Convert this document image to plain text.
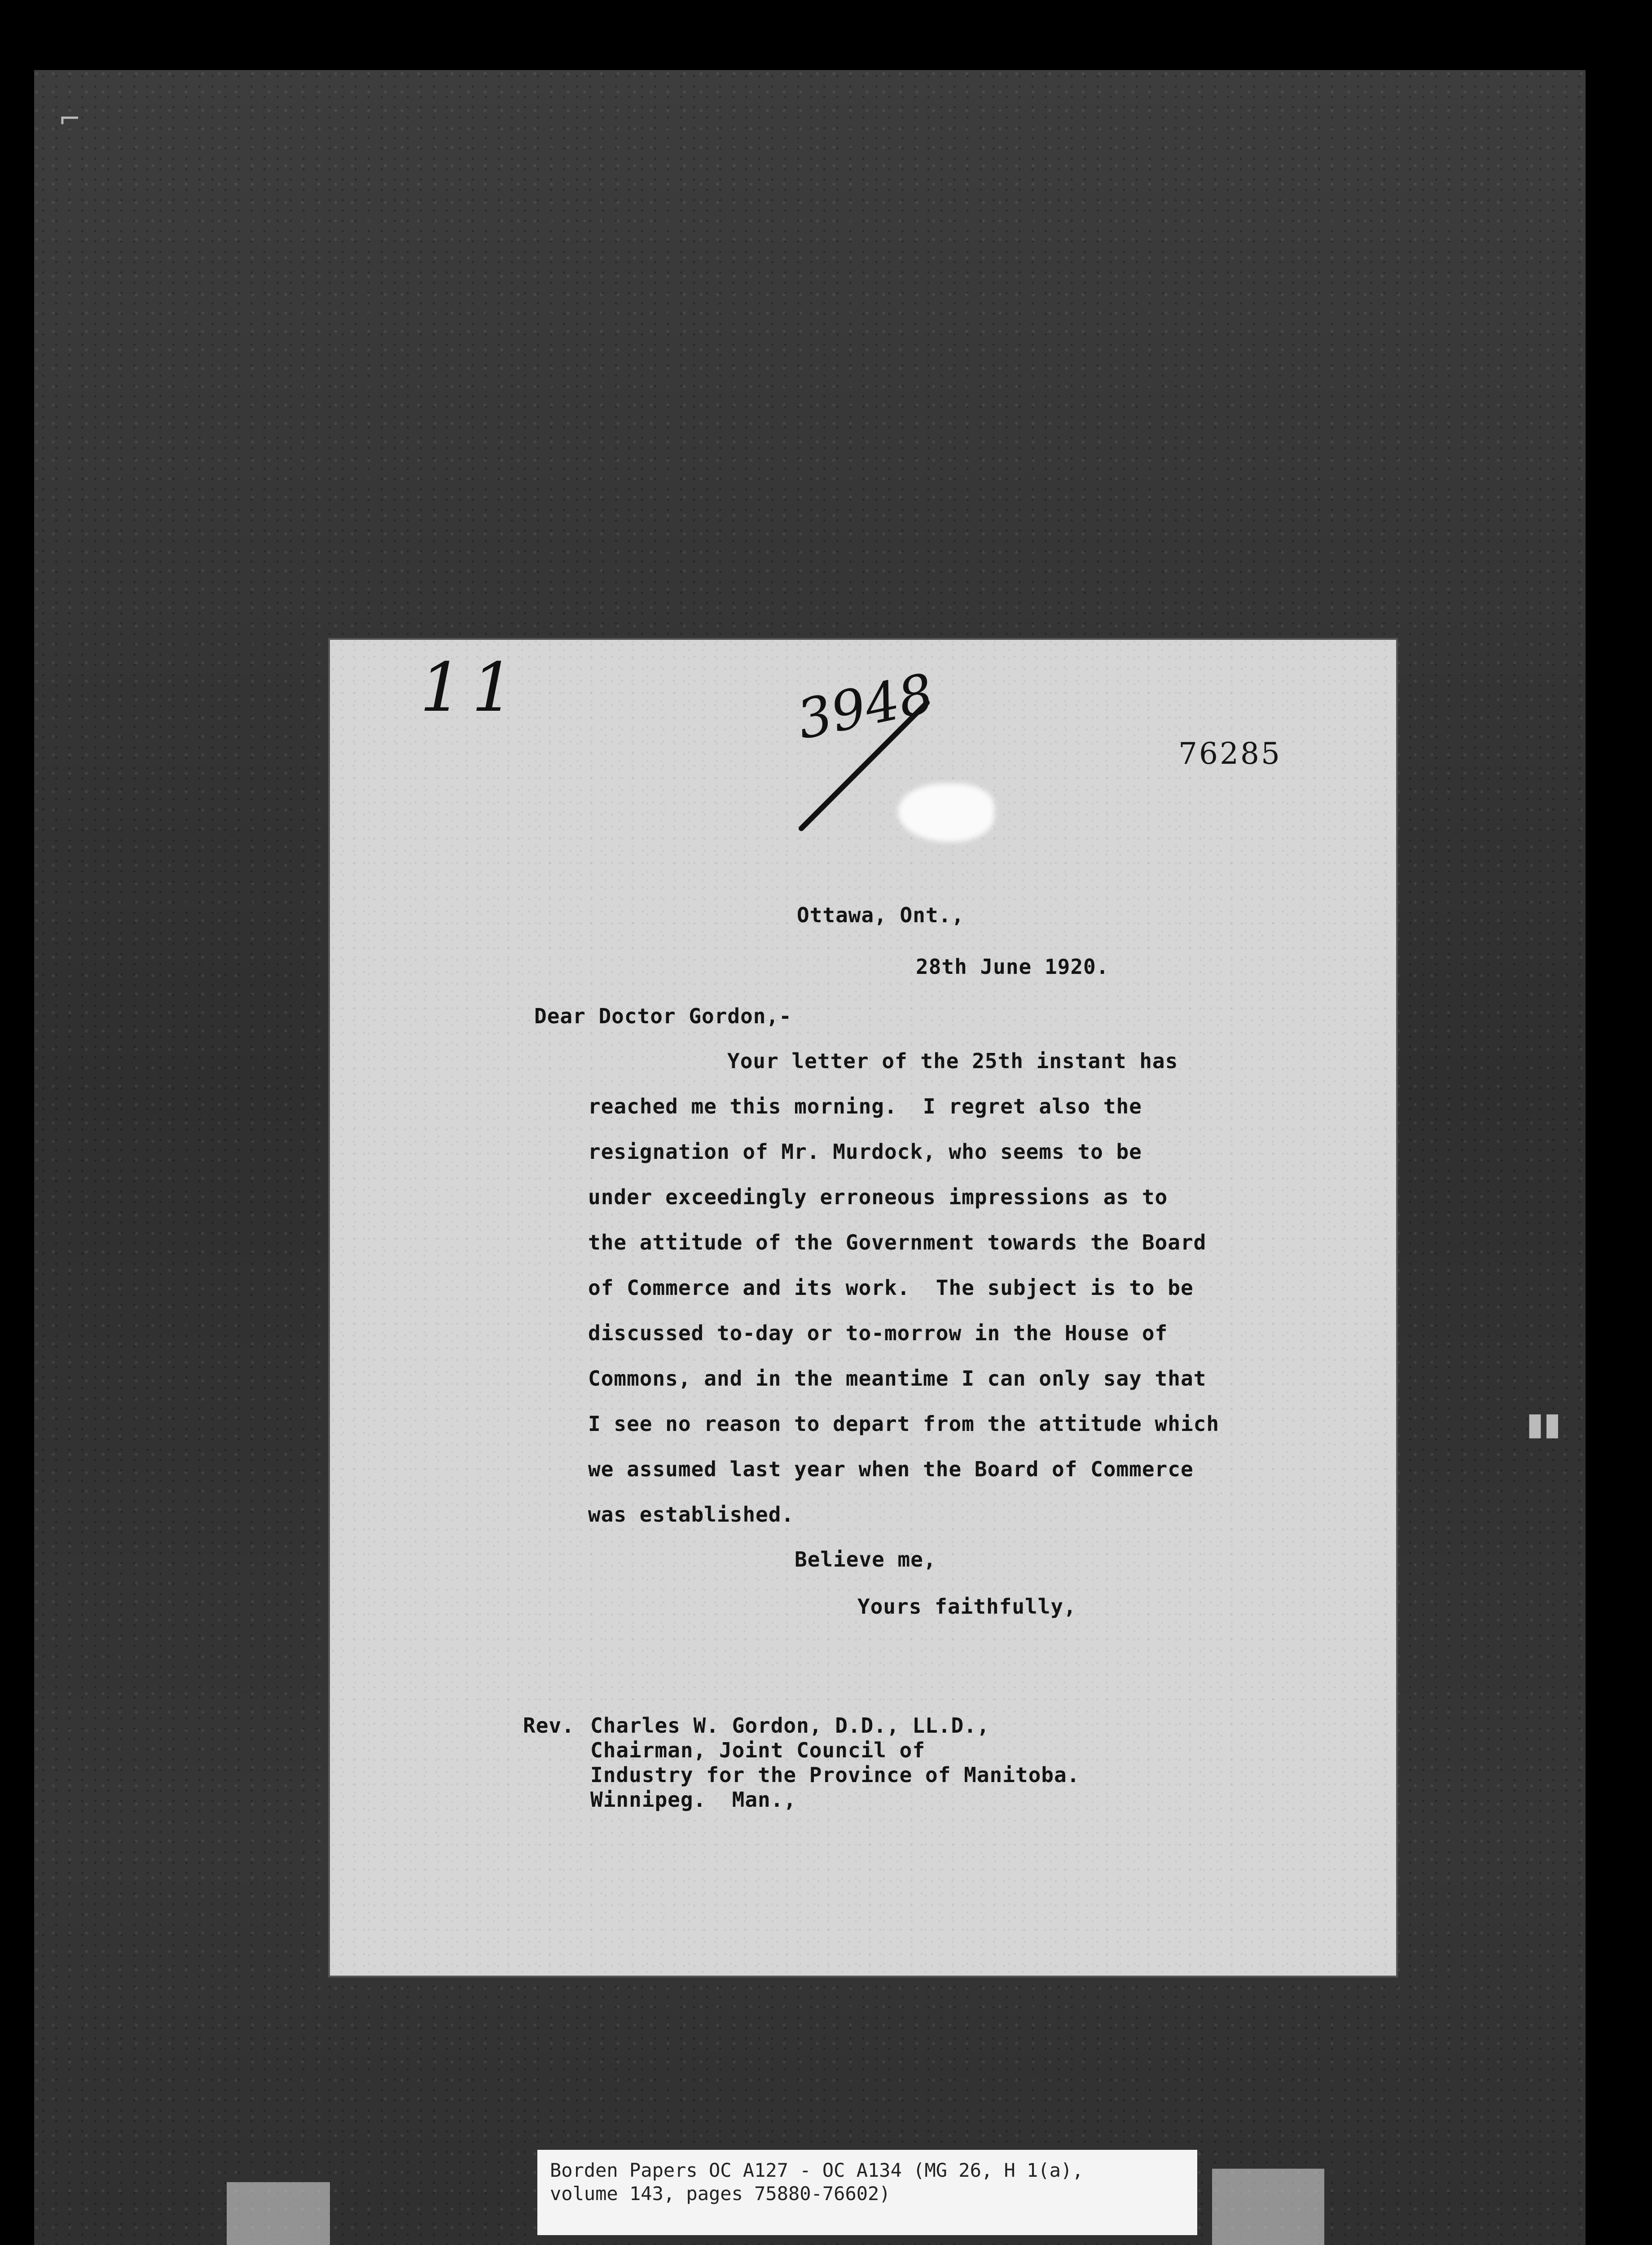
⌐
▮▮
11	3948
76285
Ottawa, Ont.,
28th June 1920.
Dear Doctor Gordon,-
Your letter of the 25th instant has
reached me this morning.  I regret also the
resignation of Mr. Murdock, who seems to be
under exceedingly erroneous impressions as to
the attitude of the Government towards the Board
of Commerce and its work.  The subject is to be
discussed to-day or to-morrow in the House of
Commons, and in the meantime I can only say that
I see no reason to depart from the attitude which
we assumed last year when the Board of Commerce
was established.
Believe me,
Yours faithfully,
Rev. Charles W. Gordon, D.D., LL.D.,
Chairman, Joint Council of
Industry for the Province of Manitoba.
Winnipeg.  Man.,
Borden Papers OC A127 - OC A134 (MG 26, H 1(a),
volume 143, pages 75880-76602)
